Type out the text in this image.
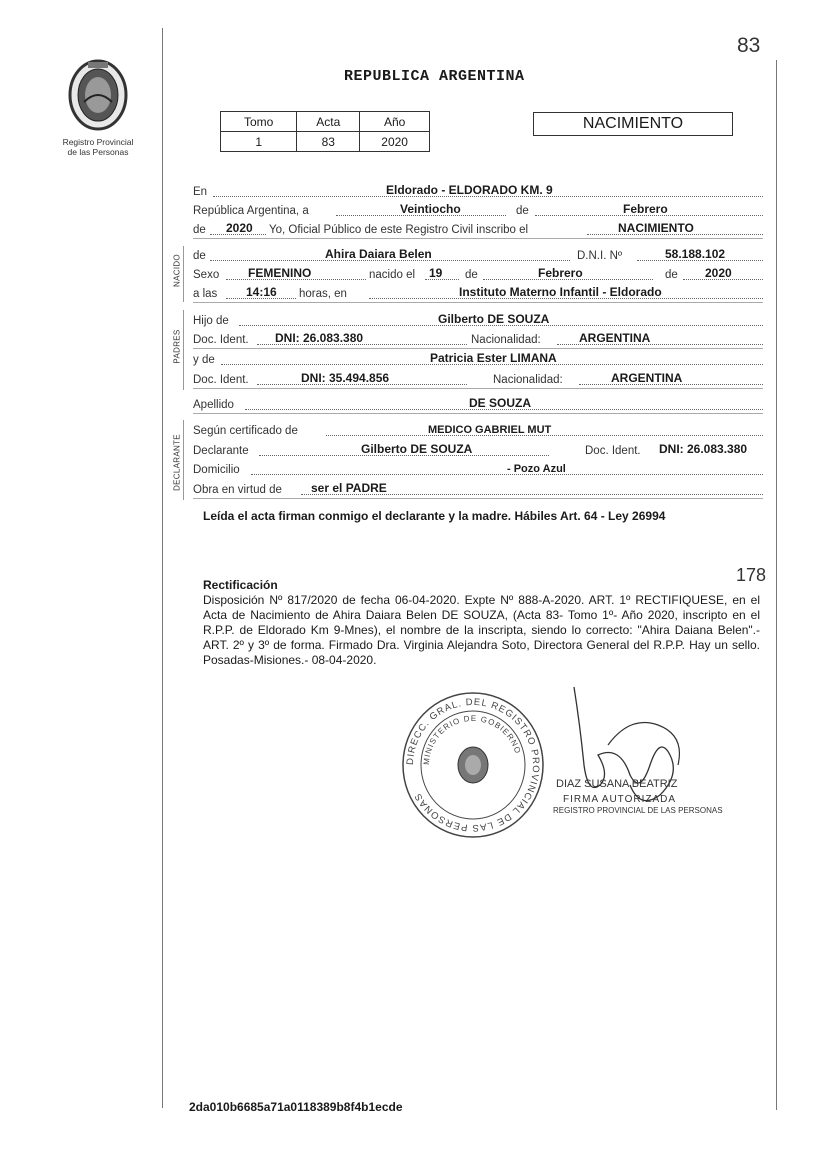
83
Registro Provincial
de las Personas
REPUBLICA ARGENTINA
Tomo	Acta	Año
1	83	2020
NACIMIENTO
NACIDO
PADRES
DECLARANTE
En	Eldorado - ELDORADO KM. 9
República Argentina, a	Veintiocho	de	Febrero
de 2020 Yo, Oficial Público de este Registro Civil inscribo el	NACIMIENTO
de	Ahira Daiara Belen	D.N.I. Nº	58.188.102
Sexo FEMENINO	nacido el 19 de	Febrero	de 2020
a las 14:16 horas, en	Instituto Materno Infantil - Eldorado
Hijo de	Gilberto DE SOUZA
Doc. Ident. DNI: 26.083.380	Nacionalidad:	ARGENTINA
y de	Patricia Ester LIMANA
Doc. Ident.	DNI: 35.494.856	Nacionalidad:	ARGENTINA
Apellido	DE SOUZA
Según certificado de	MEDICO GABRIEL MUT
Declarante	Gilberto DE SOUZA	Doc. Ident. DNI: 26.083.380
Domicilio	- Pozo Azul
Obra en virtud de ser el PADRE
Leída el acta firman conmigo el declarante y la madre. Hábiles Art. 64 - Ley 26994
178
Rectificación
Disposición Nº 817/2020 de fecha 06-04-2020. Expte Nº 888-A-2020. ART. 1º RECTIFIQUESE, en el Acta de Nacimiento de Ahira Daiara Belen DE SOUZA, (Acta 83- Tomo 1º- Año 2020, inscripto en el R.P.P. de Eldorado Km 9-Mnes), el nombre de la inscripta, siendo lo correcto: "Ahira Daiana Belen".- ART. 2º y 3º de forma. Firmado Dra. Virginia Alejandra Soto, Directora General del R.P.P. Hay un sello. Posadas-Misiones.- 08-04-2020.
DIRECC. GRAL. DEL REGISTRO PROVINCIAL DE LAS PERSONAS
MINISTERIO DE GOBIERNO
DIAZ SUSANA BEATRIZ
FIRMA AUTORIZADA
REGISTRO PROVINCIAL DE LAS PERSONAS
2da010b6685a71a0118389b8f4b1ecde
